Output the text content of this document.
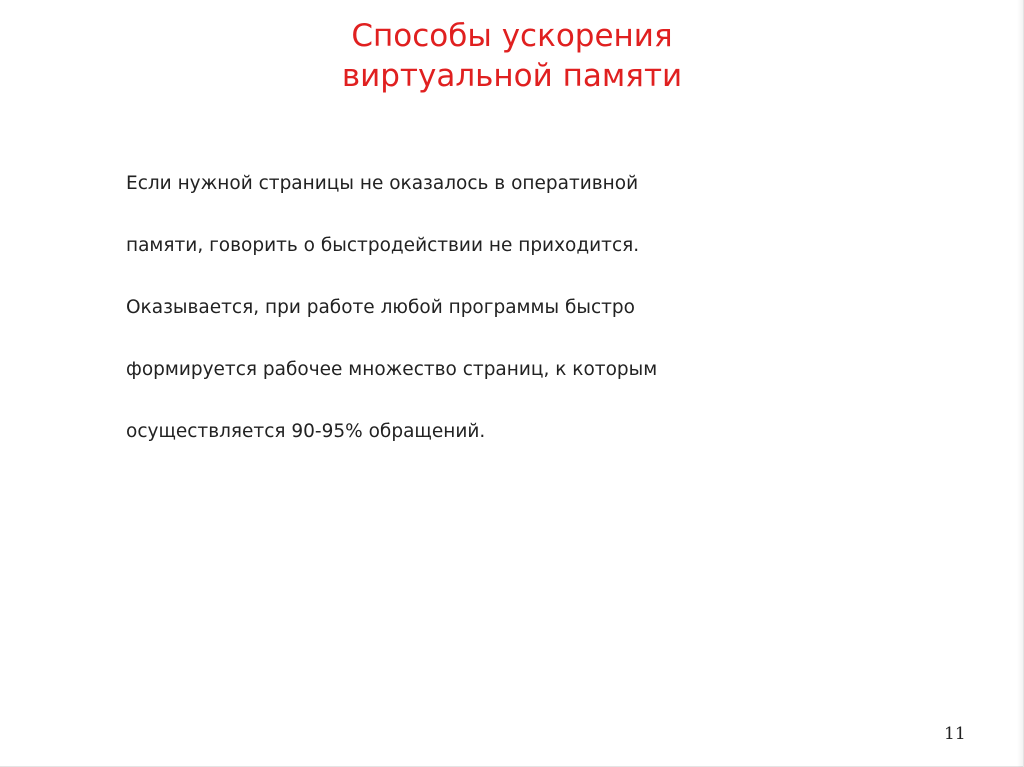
Способы ускорения
виртуальной памяти

Если нужной страницы не оказалось в оперативной

памяти, говорить о быстродействии не приходится.

Оказывается, при работе любой программы быстро

формируется рабочее множество страниц, к которым

осуществляется 90-95% обращений.

11
